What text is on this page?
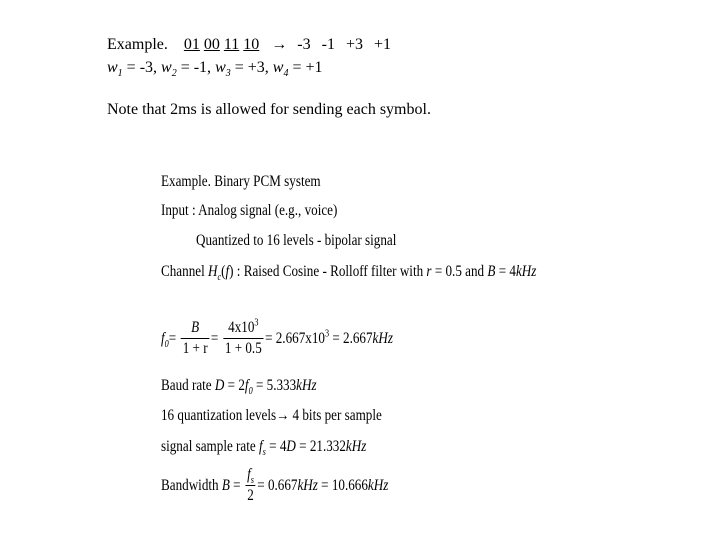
Example. 01 00 11 10 → -3 -1 +3 +1
$w_1 = -3$, $w_2 = -1$, $w_3 = +3$, $w_4 = +1$
Note that 2ms is allowed for sending each symbol.
Example. Binary PCM system
Input : Analog signal (e.g., voice)
Quantized to 16 levels - bipolar signal
Channel $H_c(f)$ : Raised Cosine - Rolloff filter with r = 0.5 and B = 4kHz
$f_0= \frac{B}{1 + r} = \frac{4x10^3}{1 + 0.5} = 2.667x10^3 = 2.667kHz$
Baud rate $D = 2f_0 = 5.333kHz$
16 quantization levels→ 4 bits per sample
signal sample rate $f_s = 4D = 21.332kHz$
Bandwidth $B = \frac{f_s}{2} = 0.667kHz = 10.666kHz$
